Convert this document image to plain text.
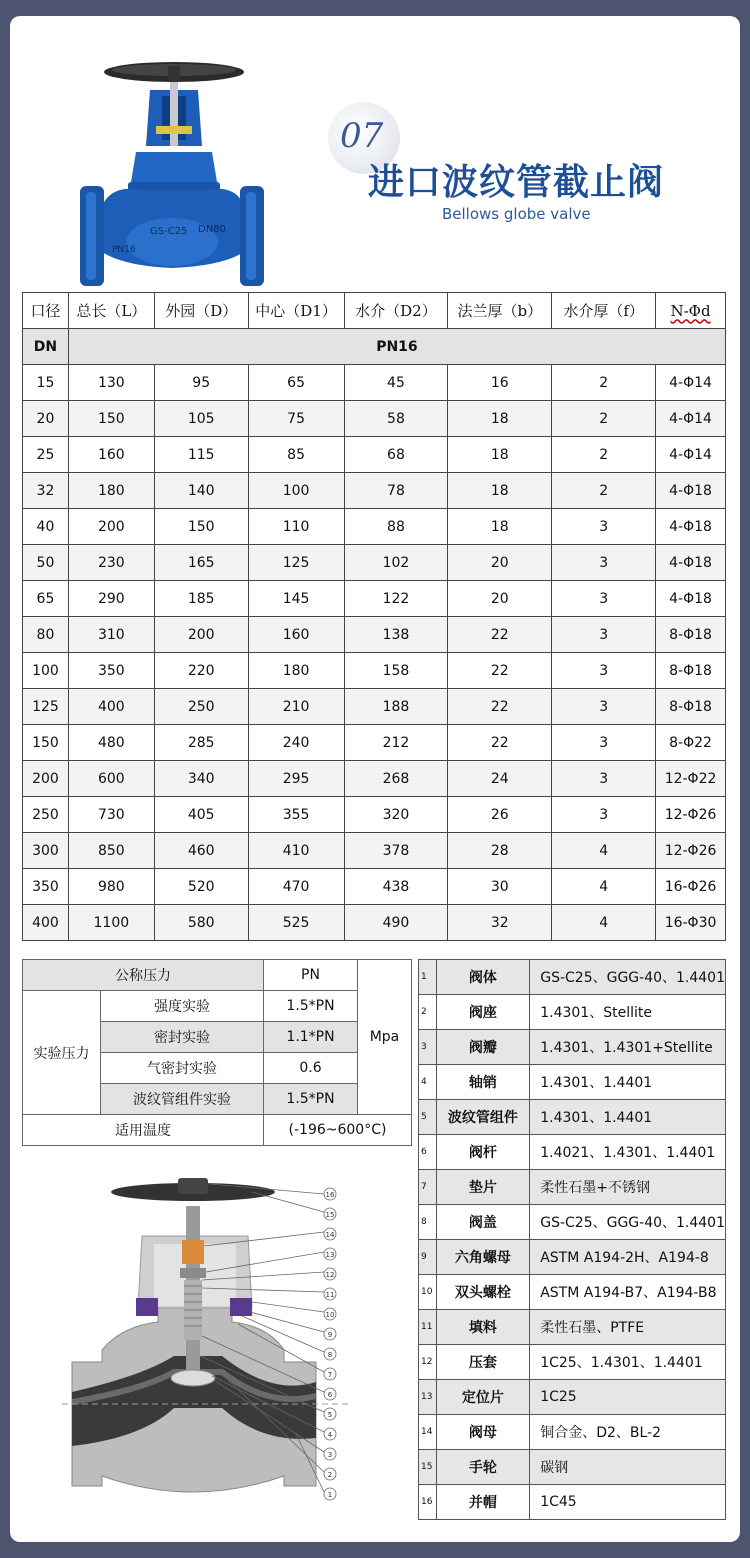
GS-C25 DN80
PN16
07
进口波纹管截止阀
Bellows globe valve
口径	总长（L）	外园（D）	中心（D1）	水介（D2）	法兰厚（b）	水介厚（f）	N-Φd
DN	PN16						
15	130	95	65	45	16	2	4-Φ14
20	150	105	75	58	18	2	4-Φ14
25	160	115	85	68	18	2	4-Φ14
32	180	140	100	78	18	2	4-Φ18
40	200	150	110	88	18	3	4-Φ18
50	230	165	125	102	20	3	4-Φ18
65	290	185	145	122	20	3	4-Φ18
80	310	200	160	138	22	3	8-Φ18
100	350	220	180	158	22	3	8-Φ18
125	400	250	210	188	22	3	8-Φ18
150	480	285	240	212	22	3	8-Φ22
200	600	340	295	268	24	3	12-Φ22
250	730	405	355	320	26	3	12-Φ26
300	850	460	410	378	28	4	12-Φ26
350	980	520	470	438	30	4	16-Φ26
400	1100	580	525	490	32	4	16-Φ30
公称压力		PN	Mpa
实验压力	强度实验	1.5*PN	
	密封实验	1.1*PN	
	气密封实验	0.6	
	波纹管组件实验	1.5*PN	
适用温度		(-196~600°C)	
1	阀体	GS-C25、GGG-40、1.4401
2	阀座	1.4301、Stellite
3	阀瓣	1.4301、1.4301+Stellite
4	轴销	1.4301、1.4401
5	波纹管组件	1.4301、1.4401
6	阀杆	1.4021、1.4301、1.4401
7	垫片	柔性石墨+不锈钢
8	阀盖	GS-C25、GGG-40、1.4401
9	六角螺母	ASTM A194-2H、A194-8
10	双头螺栓	ASTM A194-B7、A194-B8
11	填料	柔性石墨、PTFE
12	压套	1C25、1.4301、1.4401
13	定位片	1C25
14	阀母	铜合金、D2、BL-2
15	手轮	碳钢
16	并帽	1C45
16
15
14
13
12
11
10
9
8
7
6
5
4
3
2
1
